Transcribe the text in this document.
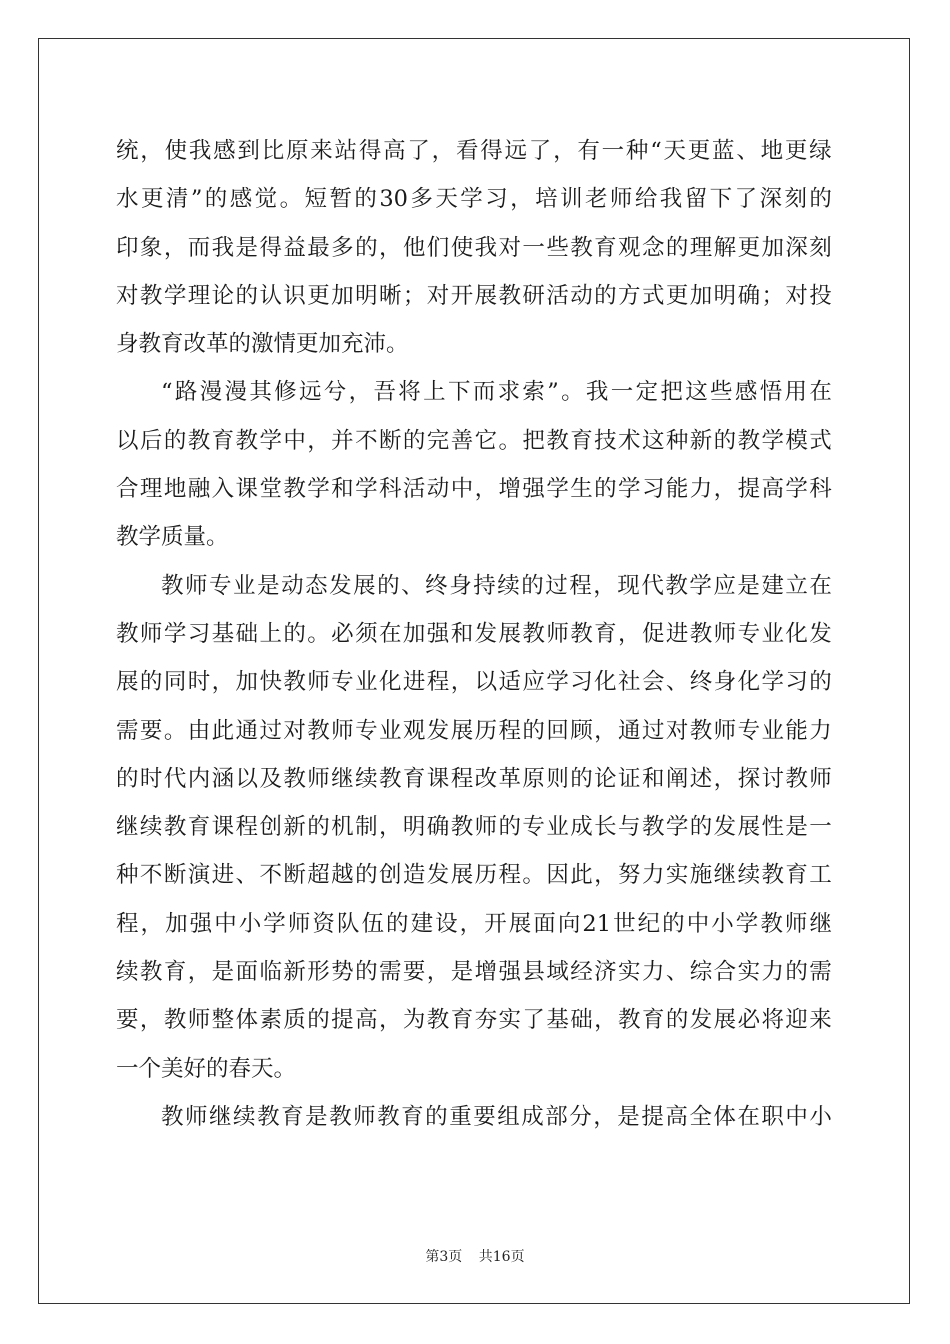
统 ， 使 我 感 到 比 原 来 站 得 高 了 ， 看 得 远 了 ， 有 一 种 “ 天 更 蓝 、 地 更 绿
水 更 清 ” 的 感 觉 。 短 暂 的 30 多 天 学 习 ， 培 训 老 师 给 我 留 下 了 深 刻 的
印 象 ， 而 我 是 得 益 最 多 的 ， 他 们 使 我 对 一 些 教 育 观 念 的 理 解 更 加 深 刻
对 教 学 理 论 的 认 识 更 加 明 晰 ； 对 开 展 教 研 活 动 的 方 式 更 加 明 确 ； 对 投
身教育改革的激情更加充沛。
“ 路 漫 漫 其 修 远 兮 ， 吾 将 上 下 而 求 索 ” 。 我 一 定 把 这 些 感 悟 用 在
以 后 的 教 育 教 学 中 ， 并 不 断 的 完 善 它 。 把 教 育 技 术 这 种 新 的 教 学 模 式
合 理 地 融 入 课 堂 教 学 和 学 科 活 动 中 ， 增 强 学 生 的 学 习 能 力 ， 提 高 学 科
教学质量。
教 师 专 业 是 动 态 发 展 的 、 终 身 持 续 的 过 程 ， 现 代 教 学 应 是 建 立 在
教 师 学 习 基 础 上 的 。 必 须 在 加 强 和 发 展 教 师 教 育 ， 促 进 教 师 专 业 化 发
展 的 同 时 ， 加 快 教 师 专 业 化 进 程 ， 以 适 应 学 习 化 社 会 、 终 身 化 学 习 的
需 要 。 由 此 通 过 对 教 师 专 业 观 发 展 历 程 的 回 顾 ， 通 过 对 教 师 专 业 能 力
的 时 代 内 涵 以 及 教 师 继 续 教 育 课 程 改 革 原 则 的 论 证 和 阐 述 ， 探 讨 教 师
继 续 教 育 课 程 创 新 的 机 制 ， 明 确 教 师 的 专 业 成 长 与 教 学 的 发 展 性 是 一
种 不 断 演 进 、 不 断 超 越 的 创 造 发 展 历 程 。 因 此 ， 努 力 实 施 继 续 教 育 工
程 ， 加 强 中 小 学 师 资 队 伍 的 建 设 ， 开 展 面 向 21 世 纪 的 中 小 学 教 师 继
续 教 育 ， 是 面 临 新 形 势 的 需 要 ， 是 增 强 县 域 经 济 实 力 、 综 合 实 力 的 需
要 ， 教 师 整 体 素 质 的 提 高 ， 为 教 育 夯 实 了 基 础 ， 教 育 的 发 展 必 将 迎 来
一个美好的春天。
教 师 继 续 教 育 是 教 师 教 育 的 重 要 组 成 部 分 ， 是 提 高 全 体 在 职 中 小
第3页 共16页
